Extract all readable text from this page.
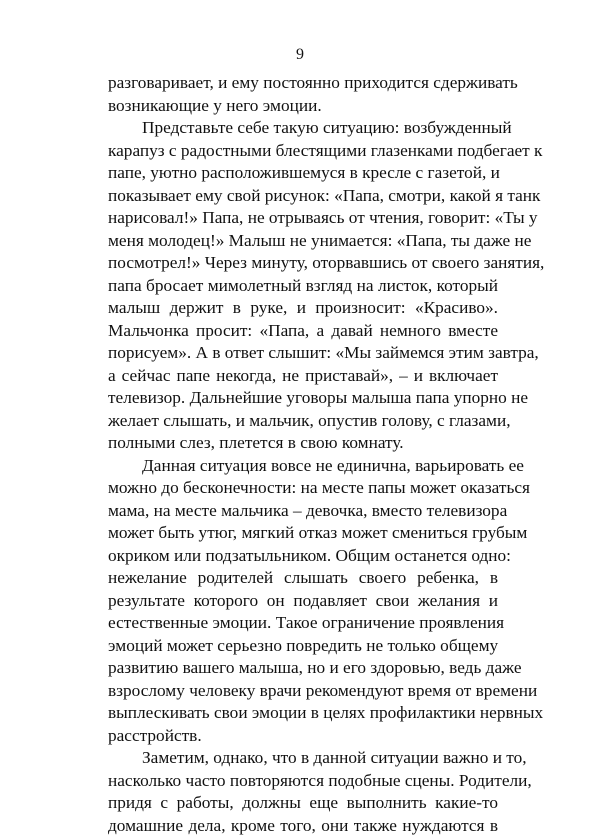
9
разговаривает, и ему постоянно приходится сдерживать
возникающие у него эмоции.
Представьте себе такую ситуацию: возбужденный
карапуз с радостными блестящими глазенками подбегает к
папе, уютно расположившемуся в кресле с газетой, и
показывает ему свой рисунок: «Папа, смотри, какой я танк
нарисовал!» Папа, не отрываясь от чтения, говорит: «Ты у
меня молодец!» Малыш не унимается: «Папа, ты даже не
посмотрел!» Через минуту, оторвавшись от своего занятия,
папа бросает мимолетный взгляд на листок, который
малыш держит в руке, и произносит: «Красиво».
Мальчонка просит: «Папа, а давай немного вместе
порисуем». А в ответ слышит: «Мы займемся этим завтра,
а сейчас папе некогда, не приставай», – и включает
телевизор. Дальнейшие уговоры малыша папа упорно не
желает слышать, и мальчик, опустив голову, с глазами,
полными слез, плетется в свою комнату.
Данная ситуация вовсе не единична, варьировать ее
можно до бесконечности: на месте папы может оказаться
мама, на месте мальчика – девочка, вместо телевизора
может быть утюг, мягкий отказ может смениться грубым
окриком или подзатыльником. Общим останется одно:
нежелание родителей слышать своего ребенка, в
результате которого он подавляет свои желания и
естественные эмоции. Такое ограничение проявления
эмоций может серьезно повредить не только общему
развитию вашего малыша, но и его здоровью, ведь даже
взрослому человеку врачи рекомендуют время от времени
выплескивать свои эмоции в целях профилактики нервных
расстройств.
Заметим, однако, что в данной ситуации важно и то,
насколько часто повторяются подобные сцены. Родители,
придя с работы, должны еще выполнить какие-то
домашние дела, кроме того, они также нуждаются в
